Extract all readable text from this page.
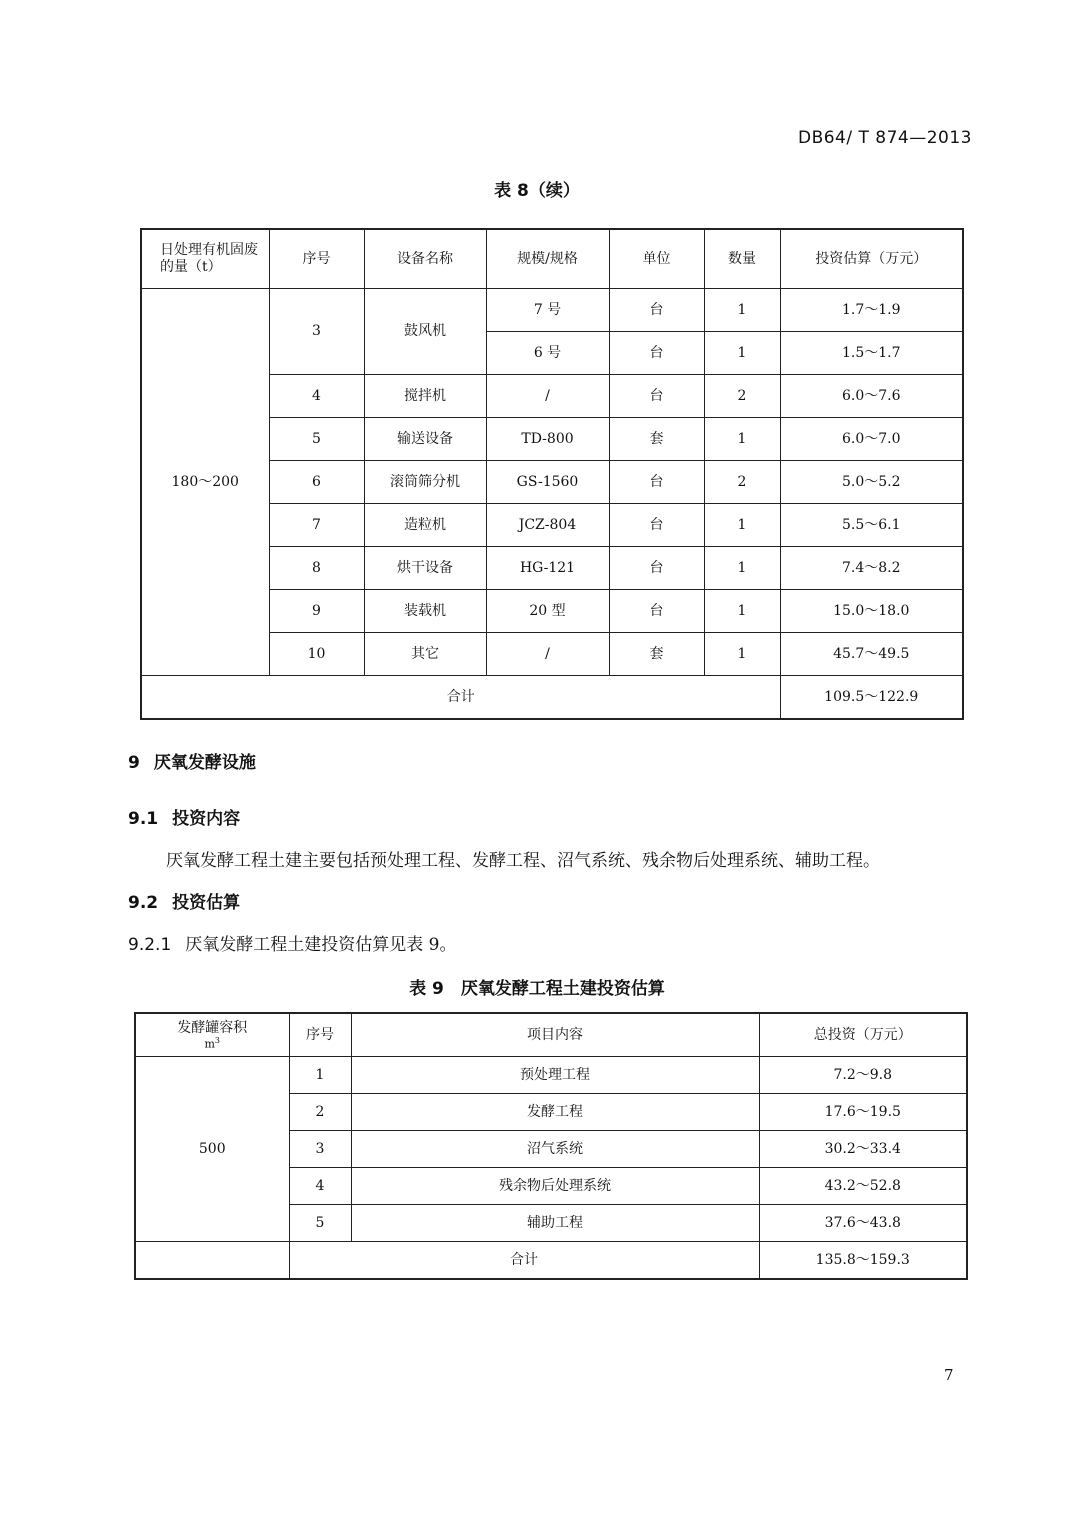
DB64/ T 874—2013
表 8（续）
日处理有机固废的量（t）	序号	设备名称	规模/规格	单位	数量	投资估算（万元）
180～200	3	鼓风机	7 号	台	1	1.7～1.9
			6 号	台	1	1.5～1.7
	4	搅拌机	/	台	2	6.0～7.6
	5	输送设备	TD-800	套	1	6.0～7.0
	6	滚筒筛分机	GS-1560	台	2	5.0～5.2
	7	造粒机	JCZ-804	台	1	5.5～6.1
	8	烘干设备	HG-121	台	1	7.4～8.2
	9	装载机	20 型	台	1	15.0～18.0
	10	其它	/	套	1	45.7～49.5
合计						109.5～122.9
9 厌氧发酵设施
9.1 投资内容
厌氧发酵工程土建主要包括预处理工程、发酵工程、沼气系统、残余物后处理系统、辅助工程。
9.2 投资估算
9.2.1 厌氧发酵工程土建投资估算见表 9。
表 9　厌氧发酵工程土建投资估算
发酵罐容积
$m^3$	序号	项目内容	总投资（万元）
500	1	预处理工程	7.2～9.8
	2	发酵工程	17.6～19.5
	3	沼气系统	30.2～33.4
	4	残余物后处理系统	43.2～52.8
	5	辅助工程	37.6～43.8
	合计		135.8～159.3
7
